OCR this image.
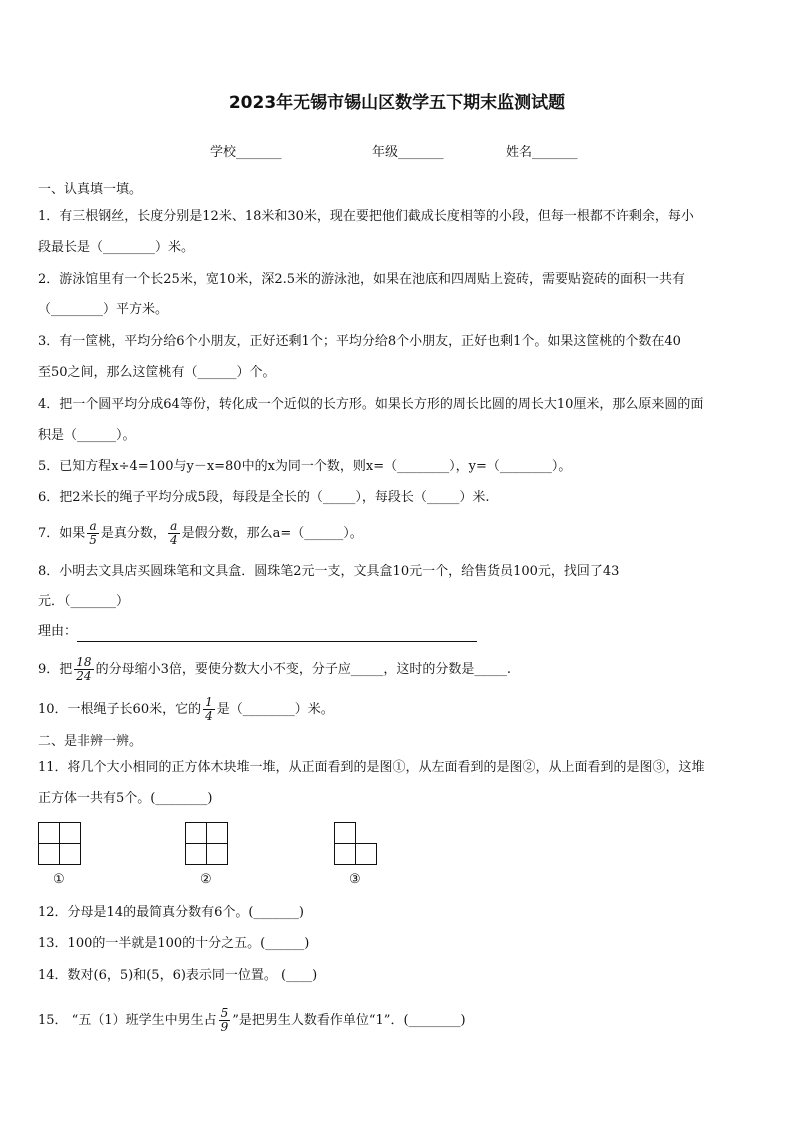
2023年无锡市锡山区数学五下期末监测试题
学校_______	年级_______	姓名_______
一、认真填一填。
1．有三根钢丝，长度分别是12米、18米和30米，现在要把他们截成长度相等的小段，但每一根都不许剩余，每小
段最长是（________）米。
2．游泳馆里有一个长25米，宽10米，深2.5米的游泳池，如果在池底和四周贴上瓷砖，需要贴瓷砖的面积一共有
（________）平方米。
3．有一筐桃，平均分给6个小朋友，正好还剩1个；平均分给8个小朋友，正好也剩1个。如果这筐桃的个数在40
至50之间，那么这筐桃有（______）个。
4．把一个圆平均分成64等份，转化成一个近似的长方形。如果长方形的周长比圆的周长大10厘米，那么原来圆的面
积是（______）。
5．已知方程x÷4=100与y－x=80中的x为同一个数，则x=（________），y=（________）。
6．把2米长的绳子平均分成5段，每段是全长的（_____），每段长（_____）米.
7．如果 $\frac{a}{5}$ 是真分数， $\frac{a}{4}$ 是假分数，那么a=（______）。
8．小明去文具店买圆珠笔和文具盒．圆珠笔2元一支，文具盒10元一个，给售货员100元，找回了43
元．（_______）
理由：
9．把 $\frac{18}{24}$ 的分母缩小3倍，要使分数大小不变，分子应_____，这时的分数是_____.
10．一根绳子长60米，它的 $\frac{1}{4}$ 是（________）米。
二、是非辨一辨。
11．将几个大小相同的正方体木块堆一堆，从正面看到的是图①，从左面看到的是图②，从上面看到的是图③，这堆
正方体一共有5个。(________)
①	②	③
12．分母是14的最简真分数有6个。(_______)
13．100的一半就是100的十分之五。(______)
14．数对(6，5)和(5，6)表示同一位置。 (____)
15． “五（1）班学生中男生占 $\frac{5}{9}$ ”是把男生人数看作单位“1”．(________)
